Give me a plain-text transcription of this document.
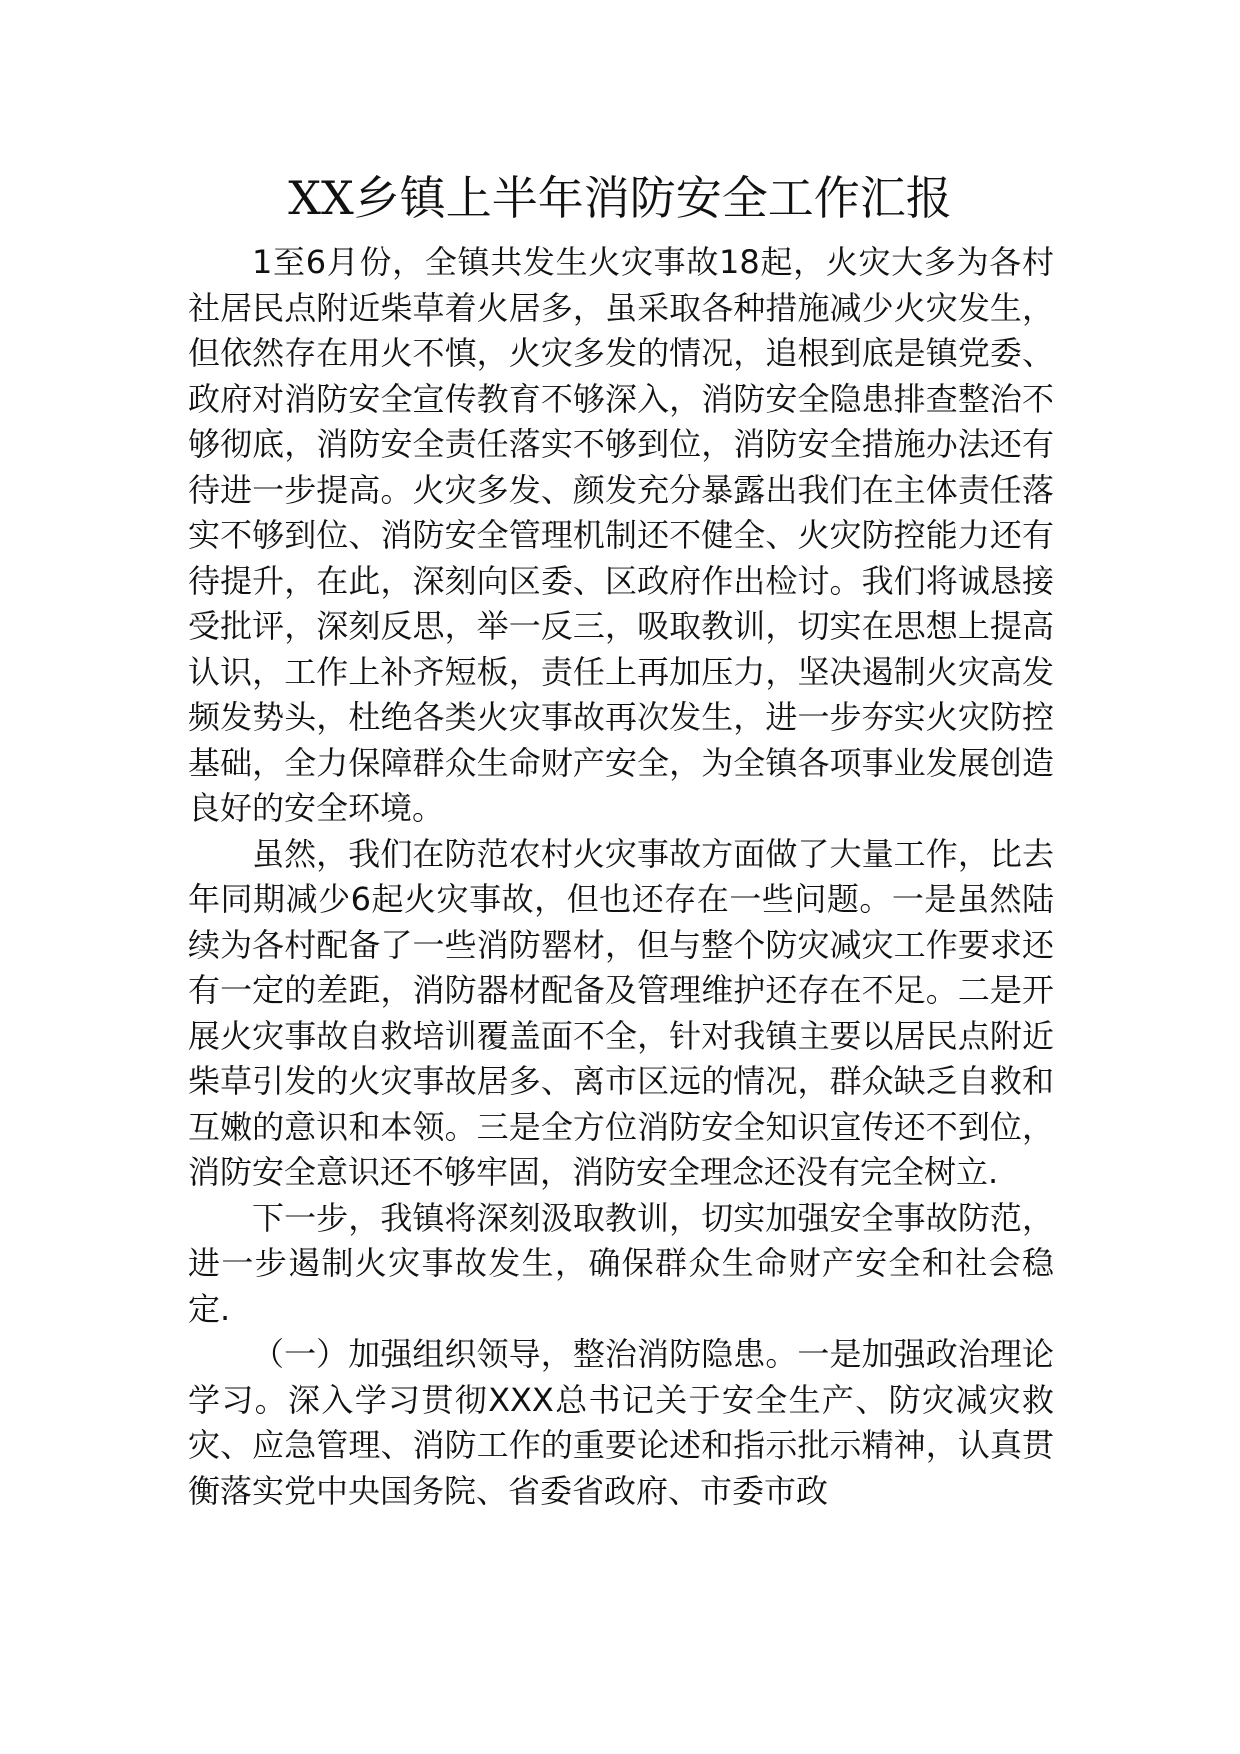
XX乡镇上半年消防安全工作汇报

1至6月份，全镇共发生火灾事故18起，火灾大多为各村社居民点附近柴草着火居多，虽采取各种措施减少火灾发生，但依然存在用火不慎，火灾多发的情况，追根到底是镇党委、政府对消防安全宣传教育不够深入，消防安全隐患排查整治不够彻底，消防安全责任落实不够到位，消防安全措施办法还有待进一步提高。火灾多发、颜发充分暴露出我们在主体责任落实不够到位、消防安全管理机制还不健全、火灾防控能力还有待提升，在此，深刻向区委、区政府作出检讨。我们将诚恳接受批评，深刻反思，举一反三，吸取教训，切实在思想上提高认识，工作上补齐短板，责任上再加压力，坚决遏制火灾高发频发势头，杜绝各类火灾事故再次发生，进一步夯实火灾防控基础，全力保障群众生命财产安全，为全镇各项事业发展创造良好的安全环境。

虽然，我们在防范农村火灾事故方面做了大量工作，比去年同期减少6起火灾事故，但也还存在一些问题。一是虽然陆续为各村配备了一些消防罂材，但与整个防灾减灾工作要求还有一定的差距，消防器材配备及管理维护还存在不足。二是开展火灾事故自救培训覆盖面不全，针对我镇主要以居民点附近柴草引发的火灾事故居多、离市区远的情况，群众缺乏自救和互嫩的意识和本领。三是全方位消防安全知识宣传还不到位，消防安全意识还不够牢固，消防安全理念还没有完全树立.

下一步，我镇将深刻汲取教训，切实加强安全事故防范，进一步遏制火灾事故发生，确保群众生命财产安全和社会稳定.

（一）加强组织领导，整治消防隐患。一是加强政治理论学习。深入学习贯彻XXX总书记关于安全生产、防灾减灾救灾、应急管理、消防工作的重要论述和指示批示精神，认真贯衡落实党中央国务院、省委省政府、市委市政
